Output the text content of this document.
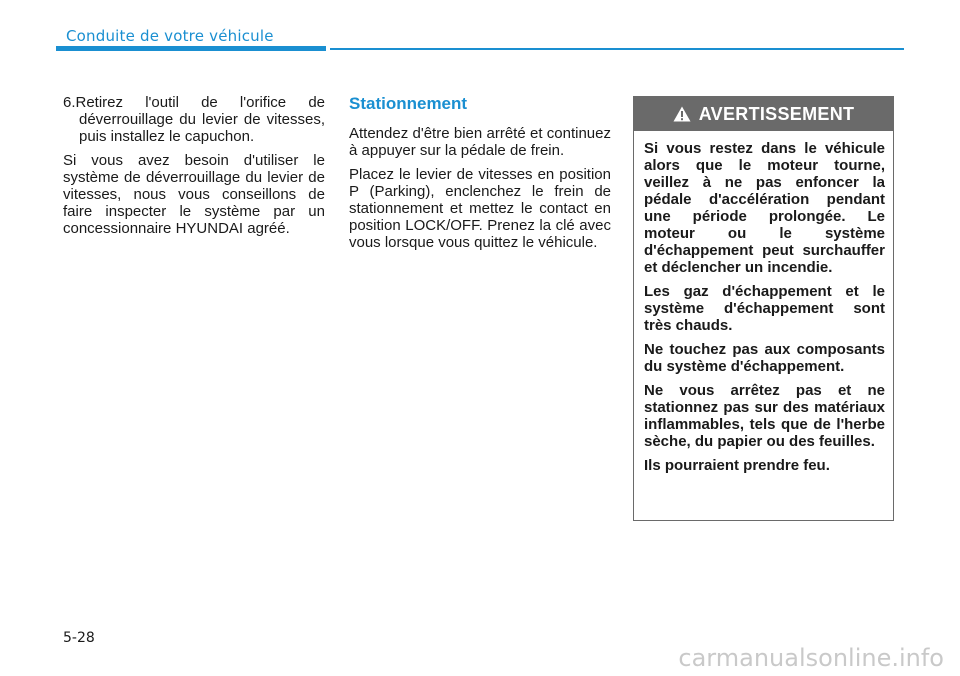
Conduite de votre véhicule

6.Retirez l'outil de l'orifice de déverrouillage du levier de vitesses, puis installez le capuchon.

Si vous avez besoin d'utiliser le système de déverrouillage du levier de vitesses, nous vous conseillons de faire inspecter le système par un concessionnaire HYUNDAI agréé.

Stationnement

Attendez d'être bien arrêté et continuez à appuyer sur la pédale de frein.

Placez le levier de vitesses en position P (Parking), enclenchez le frein de stationnement et mettez le contact en position LOCK/OFF. Prenez la clé avec vous lorsque vous quittez le véhicule.

AVERTISSEMENT

Si vous restez dans le véhicule alors que le moteur tourne, veillez à ne pas enfoncer la pédale d'accélération pendant une période prolongée. Le moteur ou le système d'échappement peut surchauffer et déclencher un incendie.

Les gaz d'échappement et le système d'échappement sont très chauds.

Ne touchez pas aux composants du système d'échappement.

Ne vous arrêtez pas et ne stationnez pas sur des matériaux inflammables, tels que de l'herbe sèche, du papier ou des feuilles.

Ils pourraient prendre feu.

5-28
carmanualsonline.info
